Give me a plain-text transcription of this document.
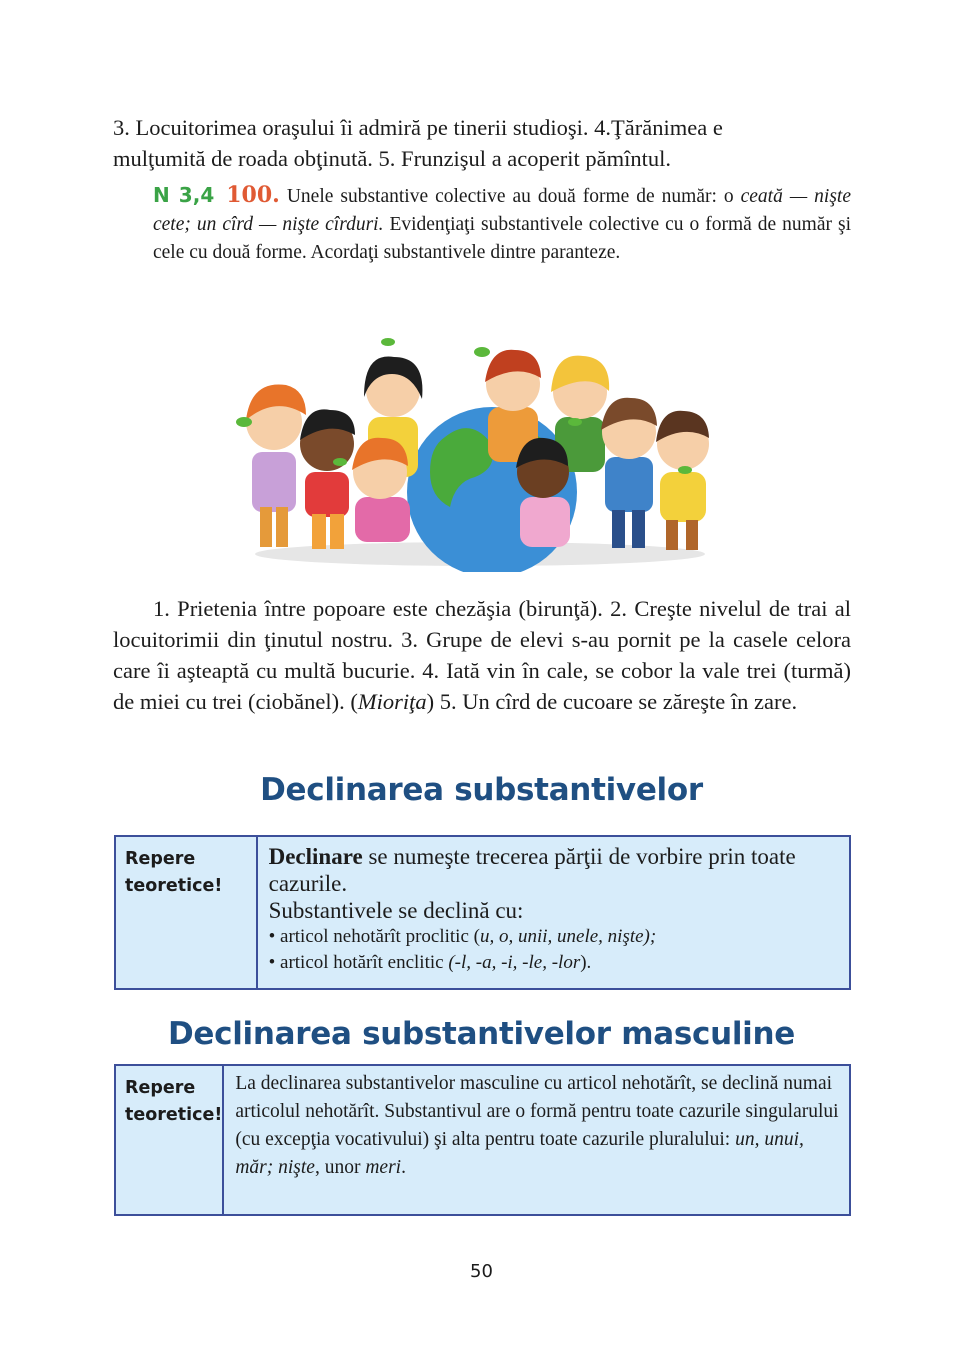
3. Locuitorimea oraşului îi admiră pe tinerii studioşi. 4.Ţărănimea e
mulţumită de roada obţinută. 5. Frunzişul a acoperit pămîntul.

N 3,4 100. Unele substantive colective au două forme de număr: o ceată — nişte cete; un cîrd — nişte cîrduri. Evidenţiaţi substantivele colective cu o formă de număr şi cele cu două forme. Acordaţi substantivele dintre paranteze.

1. Prietenia între popoare este chezăşia (birunţă). 2. Creşte nivelul de trai al locuitorimii din ţinutul nostru. 3. Grupe de elevi s-au pornit pe la casele celora care îi aşteaptă cu multă bucurie. 4. Iată vin în cale, se cobor la vale trei (turmă) de miei cu trei (ciobănel). (Mioriţa) 5. Un cîrd de cucoare se zăreşte în zare.

Declinarea substantivelor
Repere
teoretice!
Declinare se numeşte trecerea părţii de vorbire prin toate cazurile.
Substantivele se declină cu:
• articol nehotărît proclitic (u, o, unii, unele, nişte);
• articol hotărît enclitic (-l, -a, -i, -le, -lor).
Declinarea substantivelor masculine
Repere
teoretice!
La declinarea substantivelor masculine cu articol nehotărît, se declină numai articolul nehotărît. Substantivul are o formă pentru toate cazurile singularului (cu excepţia vocativului) şi alta pentru toate cazurile pluralului: un, unui, măr; nişte, unor meri.

50
